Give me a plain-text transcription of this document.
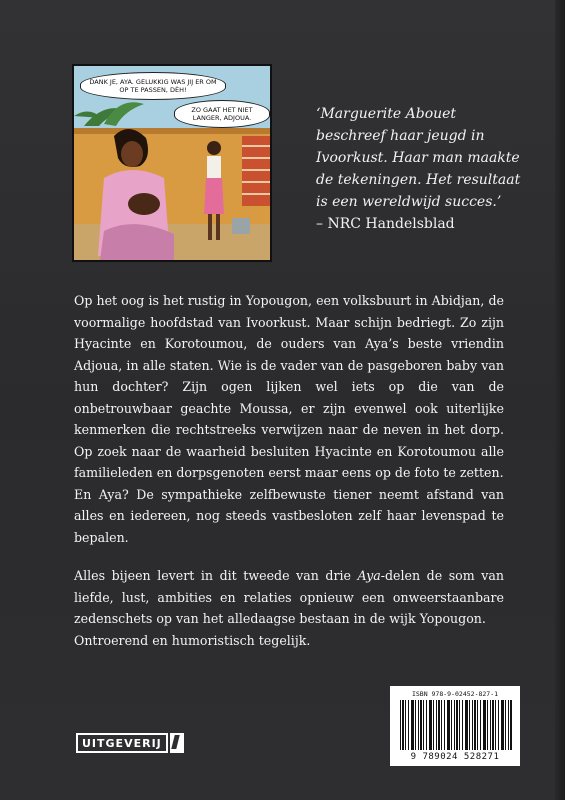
DANK JE, AYA. GELUKKIG WAS JIJ ER OM OP TE PASSEN, DÈH!
ZO GAAT HET NIET LANGER, ADJOUA.	‘Marguerite Abouet beschreef haar jeugd in Ivoorkust. Haar man maakte de tekeningen. Het resultaat is een wereldwijd succes.’
– NRC Handelsblad

Op het oog is het rustig in Yopougon, een volksbuurt in Abidjan, de voormalige hoofdstad van Ivoorkust. Maar schijn bedriegt. Zo zijn Hyacinte en Korotoumou, de ouders van Aya’s beste vriendin Adjoua, in alle staten. Wie is de vader van de pasgeboren baby van hun dochter? Zijn ogen lijken wel iets op die van de onbetrouwbaar geachte Moussa, er zijn evenwel ook uiterlijke kenmerken die rechtstreeks verwijzen naar de neven in het dorp. Op zoek naar de waarheid besluiten Hyacinte en Korotoumou alle familieleden en dorpsgenoten eerst maar eens op de foto te zetten.

En Aya? De sympathieke zelfbewuste tiener neemt afstand van alles en iedereen, nog steeds vastbesloten zelf haar levenspad te bepalen.

Alles bijeen levert in dit tweede van drie Aya-delen de som van liefde, lust, ambities en relaties opnieuw een onweerstaanbare zedenschets op van het alledaagse bestaan in de wijk Yopougon.

Ontroerend en humoristisch tegelijk.

UITGEVERIJ
ISBN 978-9-02452-827-1
9 789024 528271
